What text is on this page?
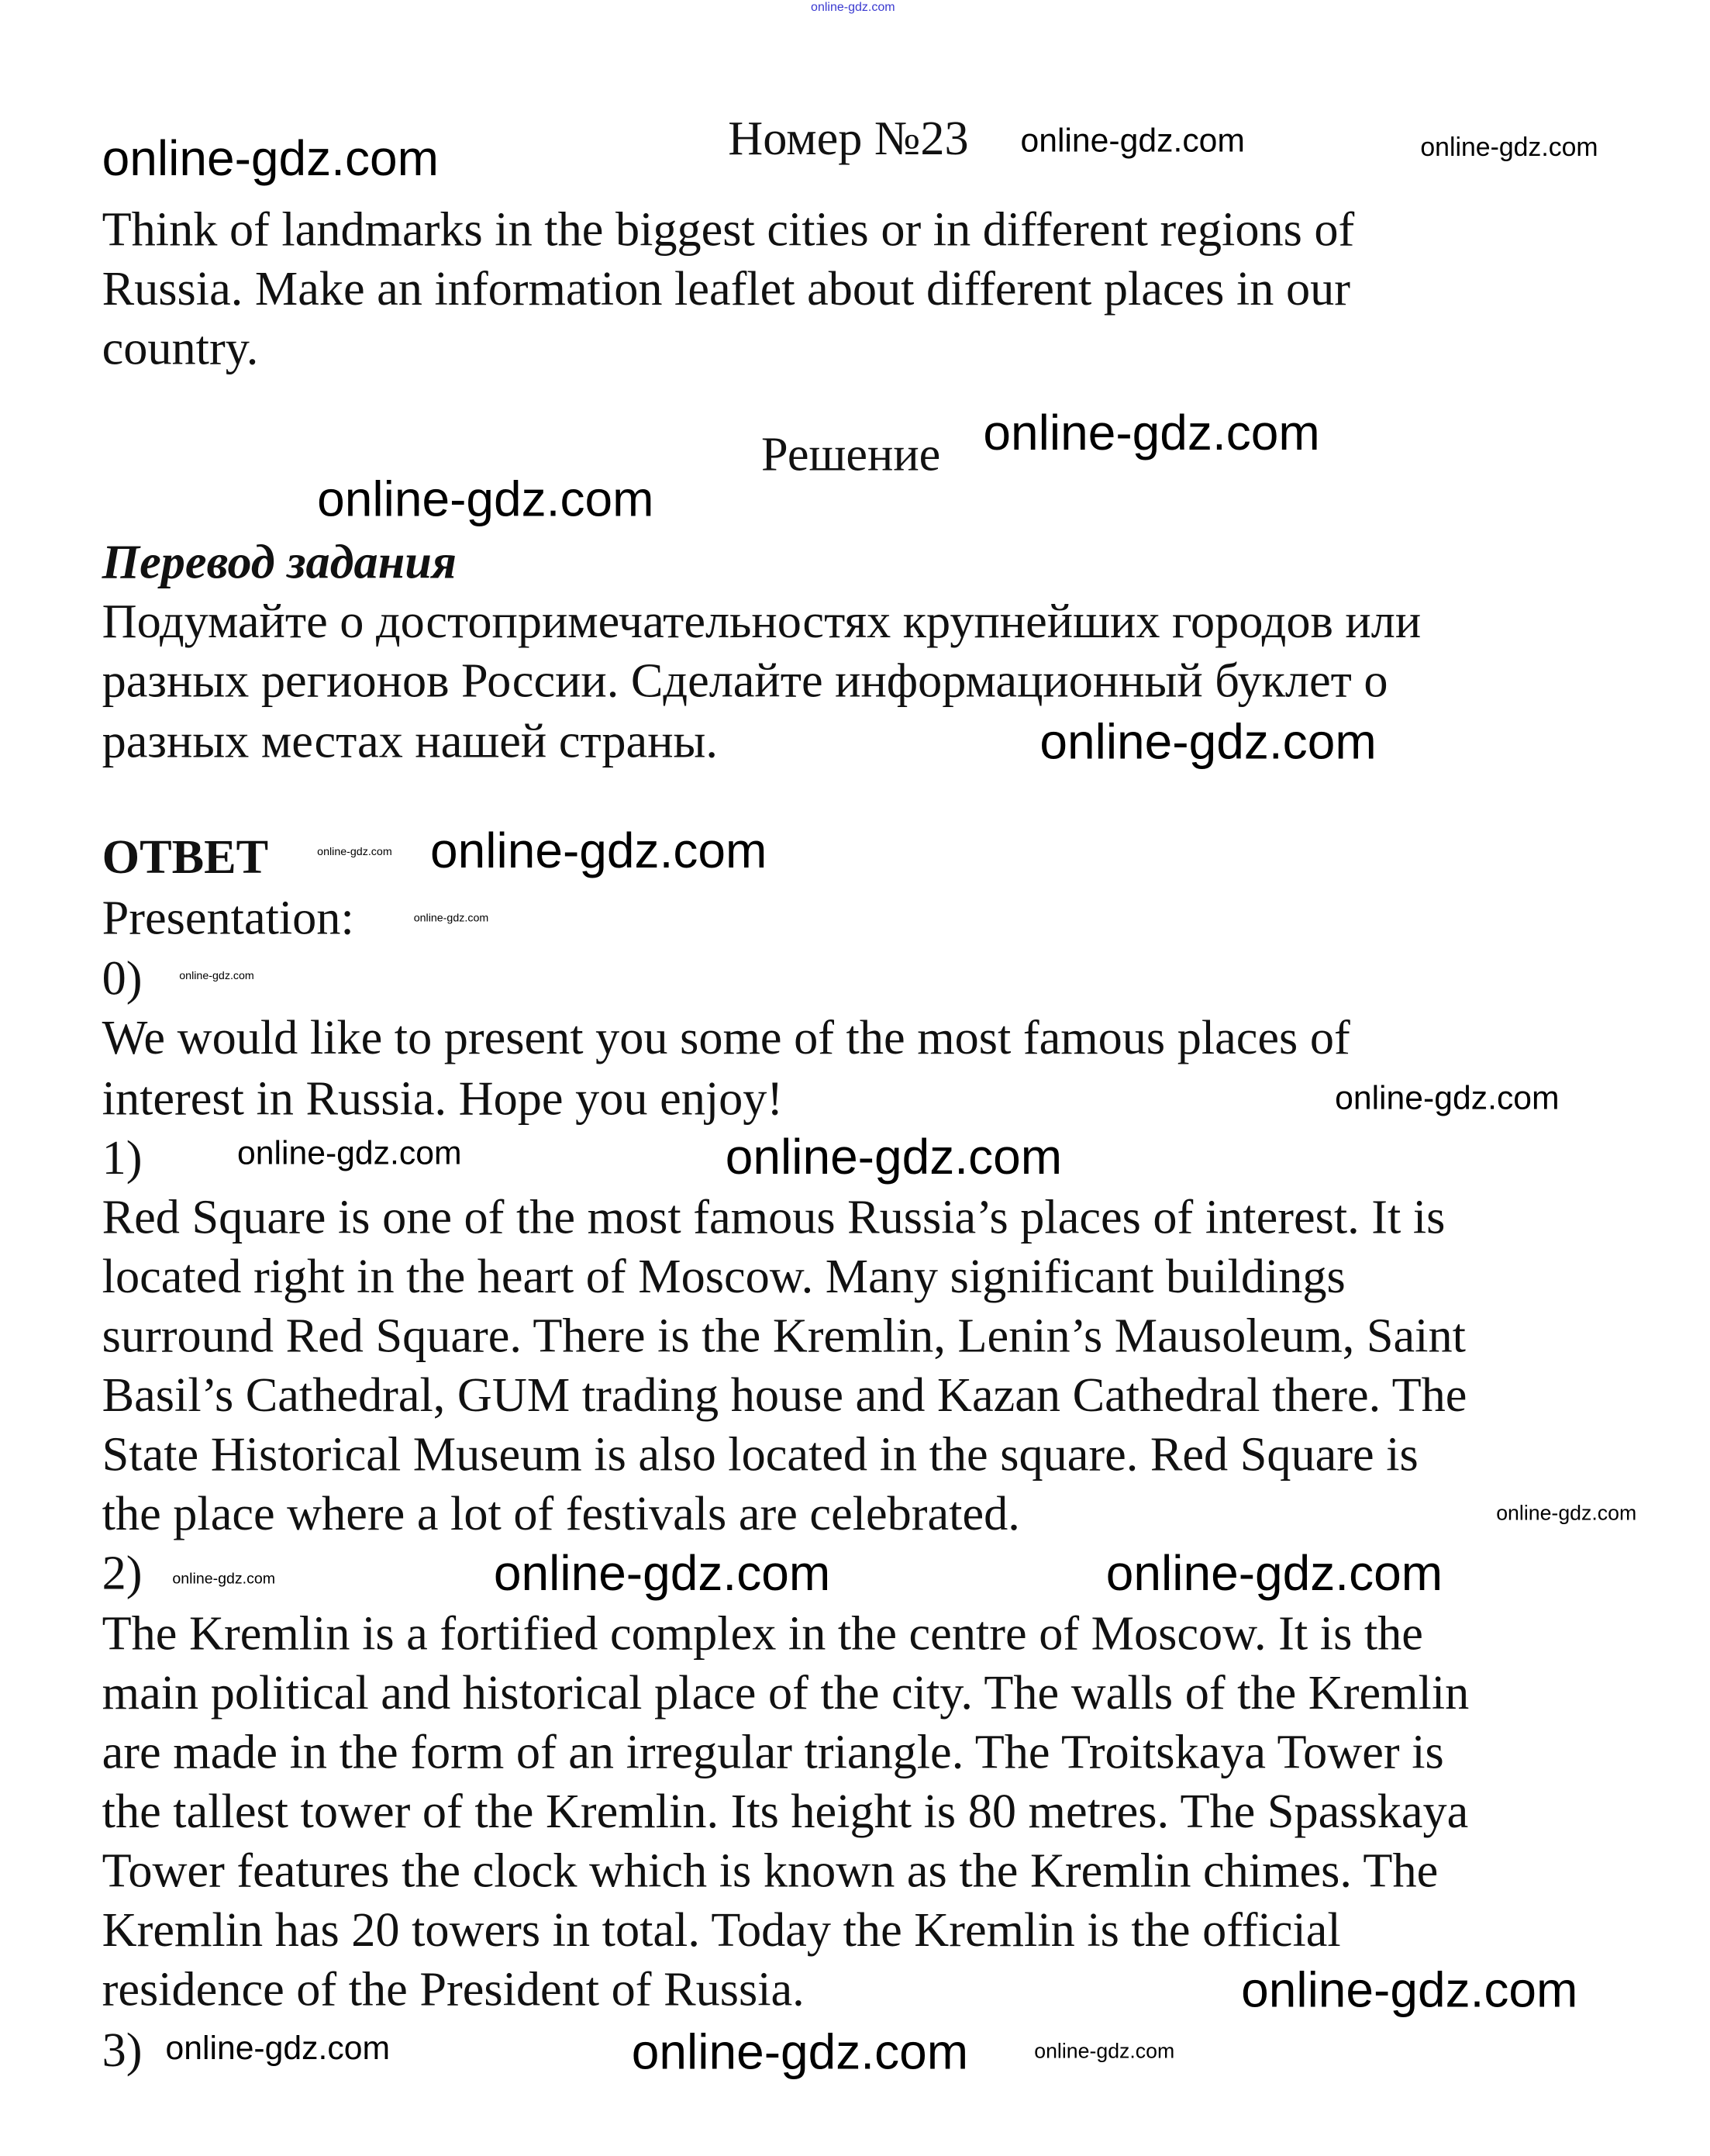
online-gdz.com
Номер №23	online-gdz.com	online-gdz.com
online-gdz.com
Think of landmarks in the biggest cities or in different regions of
Russia. Make an information leaflet about different places in our
country.
Решение online-gdz.com
online-gdz.com
Перевод задания
Подумайте о достопримечательностях крупнейших городов или
разных регионов России. Сделайте информационный буклет о
разных местах нашей страны.	online-gdz.com
ОТВЕТ	online-gdz.com online-gdz.com
Presentation:	online-gdz.com
0)	online-gdz.com
We would like to present you some of the most famous places of
interest in Russia. Hope you enjoy!	online-gdz.com
1)	online-gdz.com	online-gdz.com
Red Square is one of the most famous Russia’s places of interest. It is
located right in the heart of Moscow. Many significant buildings
surround Red Square. There is the Kremlin, Lenin’s Mausoleum, Saint
Basil’s Cathedral, GUM trading house and Kazan Cathedral there. The
State Historical Museum is also located in the square. Red Square is
the place where a lot of festivals are celebrated.	online-gdz.com
2)	online-gdz.com	online-gdz.com	online-gdz.com
The Kremlin is a fortified complex in the centre of Moscow. It is the
main political and historical place of the city. The walls of the Kremlin
are made in the form of an irregular triangle. The Troitskaya Tower is
the tallest tower of the Kremlin. Its height is 80 metres. The Spasskaya
Tower features the clock which is known as the Kremlin chimes. The
Kremlin has 20 towers in total. Today the Kremlin is the official
residence of the President of Russia.	online-gdz.com
3) online-gdz.com	online-gdz.com	online-gdz.com
